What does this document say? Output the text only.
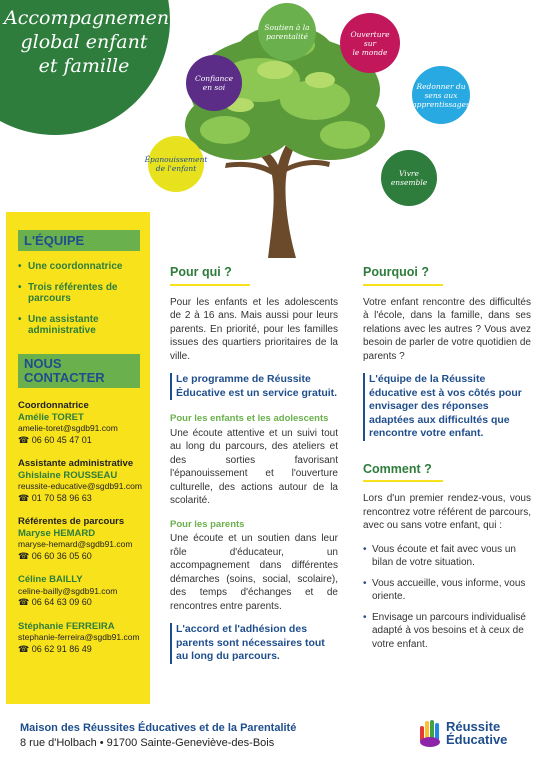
Accompagnement
global enfant
et famille
Épanouissement
de l'enfant
Confiance
en soi
Soutien à la
parentalité	Ouverture sur
le monde
Redonner du
sens aux
apprentissages
Vivre
ensemble
L'ÉQUIPE
• Une coordonnatrice
• Trois référentes de parcours
• Une assistante administrative
NOUS
CONTACTER
Coordonnatrice
Amélie TORET
amelie-toret@sgdb91.com
☎ 06 60 45 47 01
Assistante administrative
Ghislaine ROUSSEAU
reussite-educative@sgdb91.com
☎ 01 70 58 96 63
Référentes de parcours
Maryse HEMARD
maryse-hemard@sgdb91.com
☎ 06 60 36 05 60
Céline BAILLY
celine-bailly@sgdb91.com
☎ 06 64 63 09 60
Stéphanie FERREIRA
stephanie-ferreira@sgdb91.com
☎ 06 62 91 86 49
Pour qui ?
Pour les enfants et les adolescents de 2 à 16 ans. Mais aussi pour leurs parents. En priorité, pour les familles issues des quartiers prioritaires de la ville.
Le programme de Réussite Éducative est un service gratuit.
Pour les enfants et les adolescents
Une écoute attentive et un suivi tout au long du parcours, des ateliers et des sorties favorisant l'épanouissement et l'ouverture culturelle, des actions autour de la scolarité.
Pour les parents
Une écoute et un soutien dans leur rôle d'éducateur, un accompagnement dans différentes démarches (soins, social, scolaire), des temps d'échanges et de rencontres entre parents.
L'accord et l'adhésion des parents sont nécessaires tout au long du parcours.
Pourquoi ?
Votre enfant rencontre des difficultés à l'école, dans la famille, dans ses relations avec les autres ? Vous avez besoin de parler de votre quotidien de parents ?
L'équipe de la Réussite éducative est à vos côtés pour envisager des réponses adaptées aux difficultés que rencontre votre enfant.
Comment ?
Lors d'un premier rendez-vous, vous rencontrez votre référent de parcours, avec ou sans votre enfant, qui :
• Vous écoute et fait avec vous un bilan de votre situation.
• Vous accueille, vous informe, vous oriente.
• Envisage un parcours individualisé adapté à vos besoins et à ceux de votre enfant.
Maison des Réussites Éducatives et de la Parentalité
8 rue d'Holbach • 91700 Sainte-Geneviève-des-Bois
Réussite
Éducative
